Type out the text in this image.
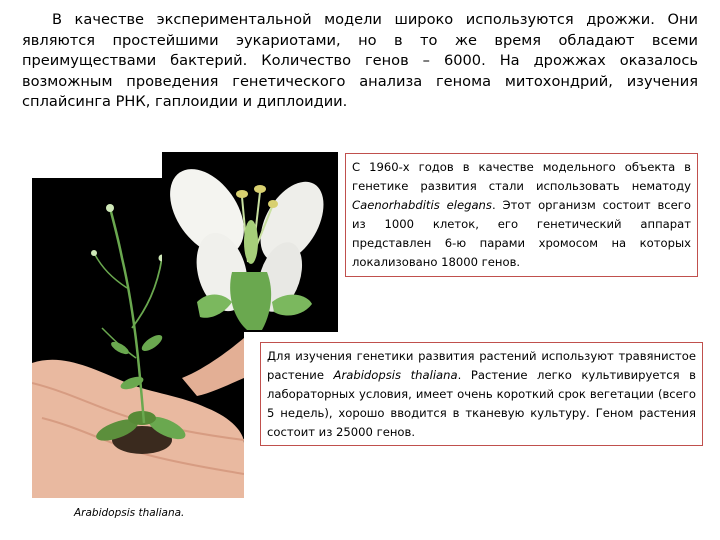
В качестве экспериментальной модели широко используются дрожжи. Они являются простейшими эукариотами, но в то же время обладают всеми преимуществами бактерий. Количество генов – 6000. На дрожжах оказалось возможным проведения генетического анализа генома митохондрий, изучения сплайсинга РНК, гаплоидии и диплоидии.

Arabidopsis thaliana.

С 1960-х годов в качестве модельного объекта в генетике развития стали использовать нематоду Caenorhabditis elegans. Этот организм состоит всего из 1000 клеток, его генетический аппарат представлен 6-ю парами хромосом на которых локализовано 18000 генов.

Для изучения генетики развития растений используют травянистое растение Arabidopsis thaliana. Растение легко культивируется в лабораторных условия, имеет очень короткий срок вегетации (всего 5 недель), хорошо вводится в тканевую культуру. Геном растения состоит из 25000 генов.
